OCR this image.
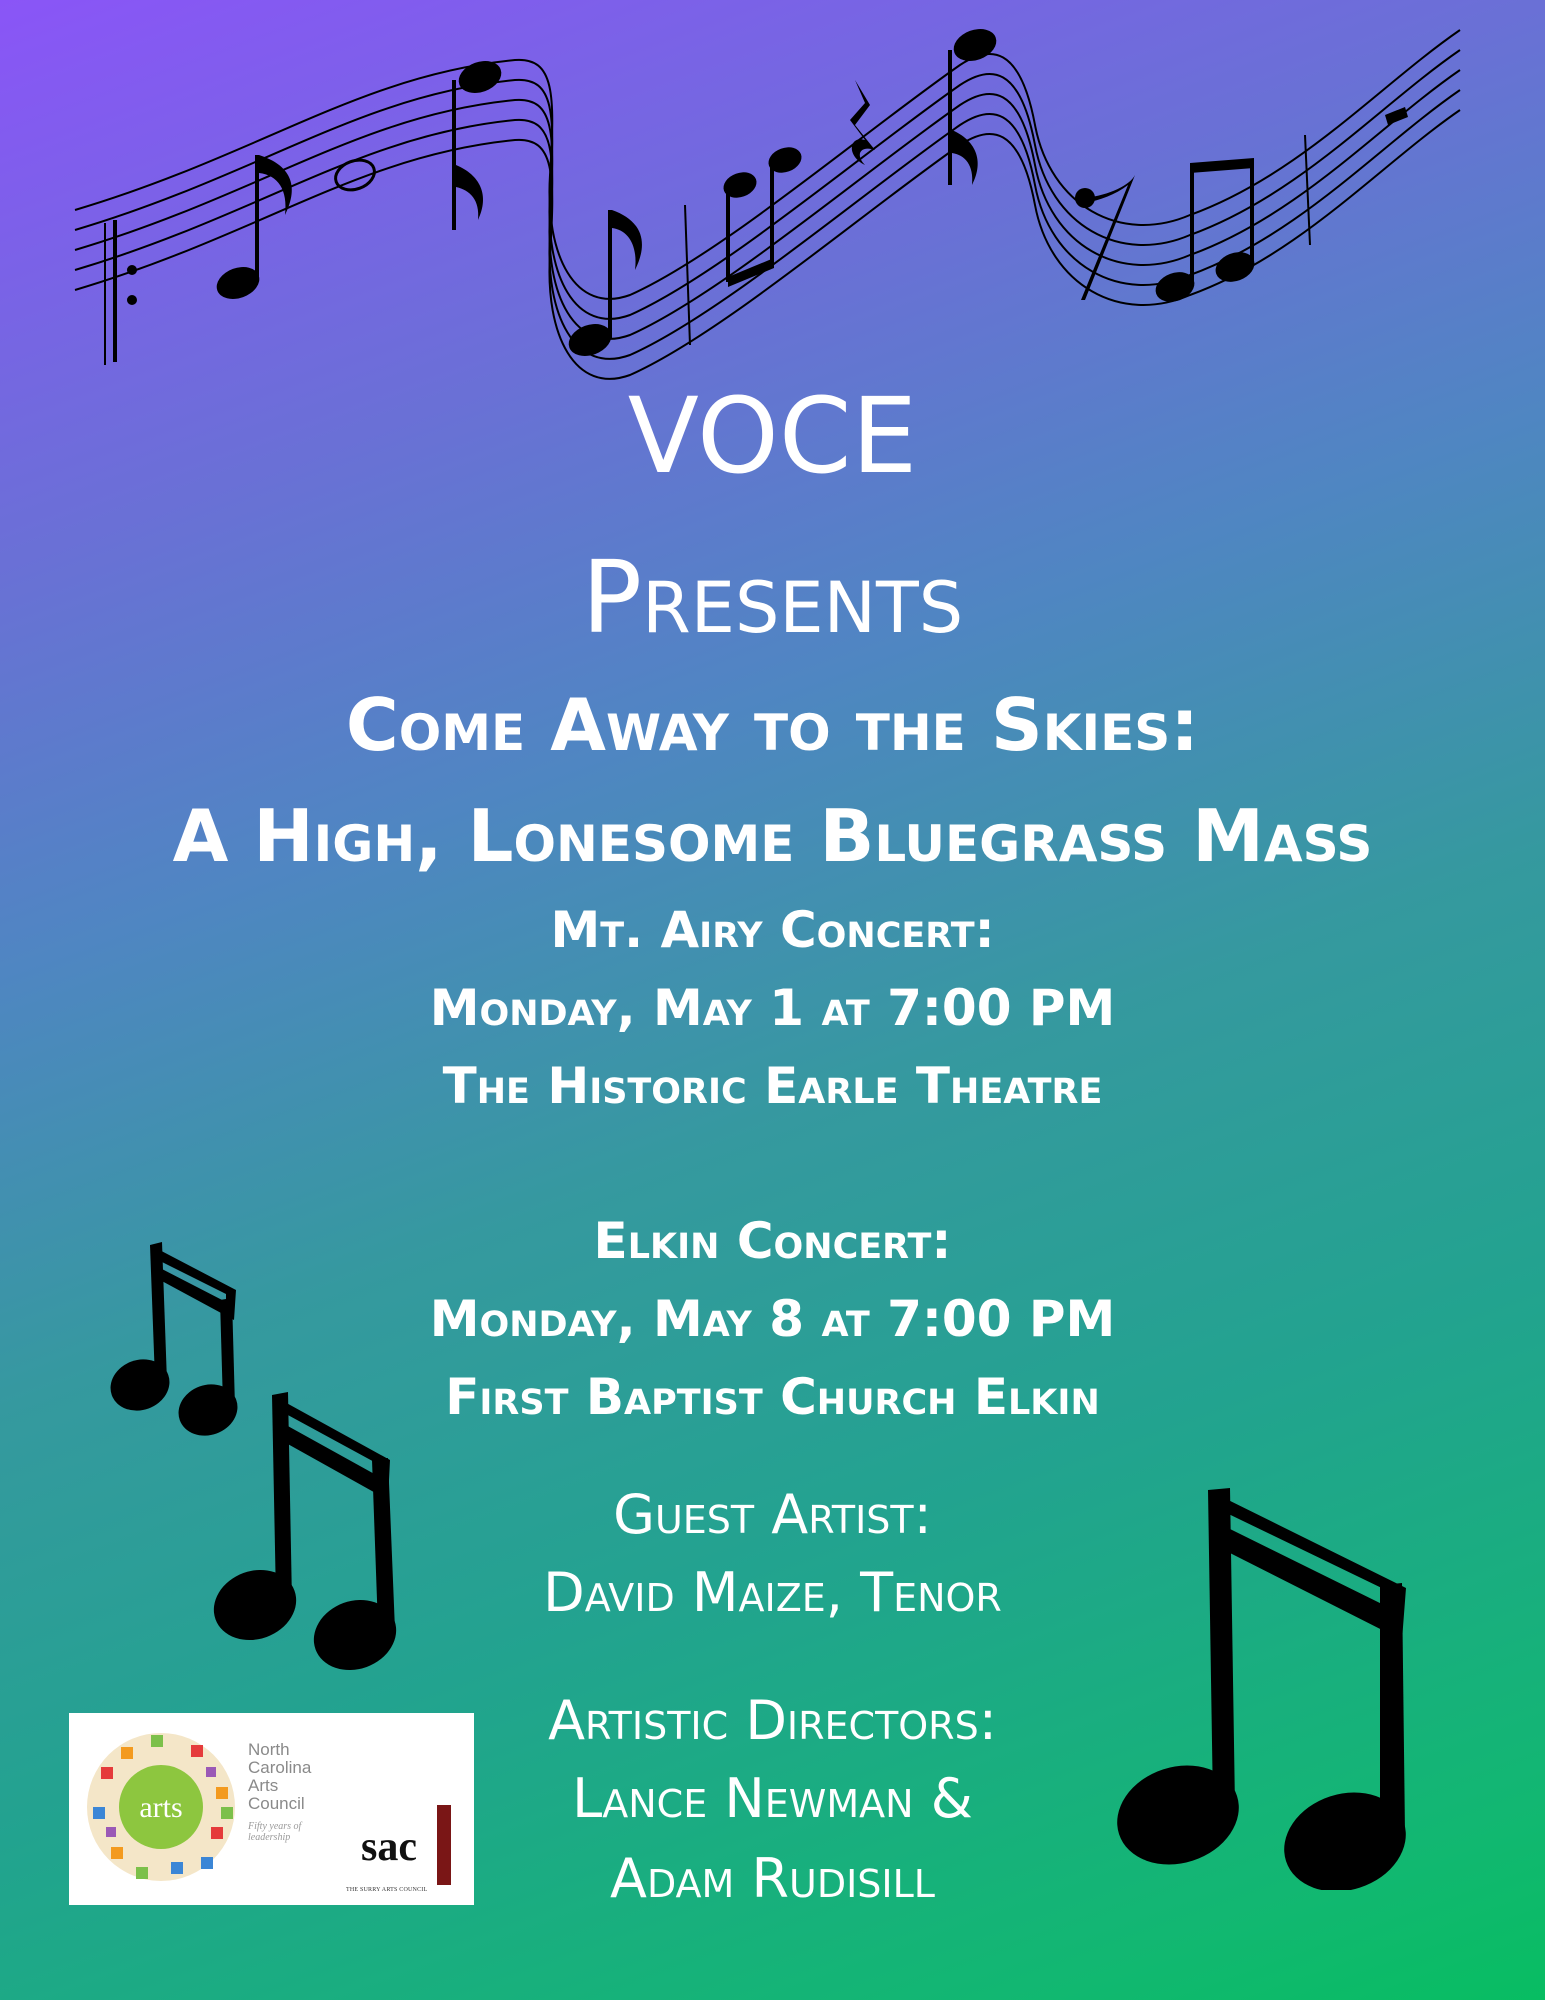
VOCE
Presents
Come Away to the Skies:
A High, Lonesome Bluegrass Mass
Mt. Airy Concert:
Monday, May 1 at 7:00 PM
The Historic Earle Theatre
Elkin Concert:
Monday, May 8 at 7:00 PM
First Baptist Church Elkin
Guest Artist:
David Maize, Tenor
Artistic Directors:
Lance Newman &
Adam Rudisill
arts
North Carolina Arts Council
Fifty years of leadership	sac
THE SURRY ARTS COUNCIL
